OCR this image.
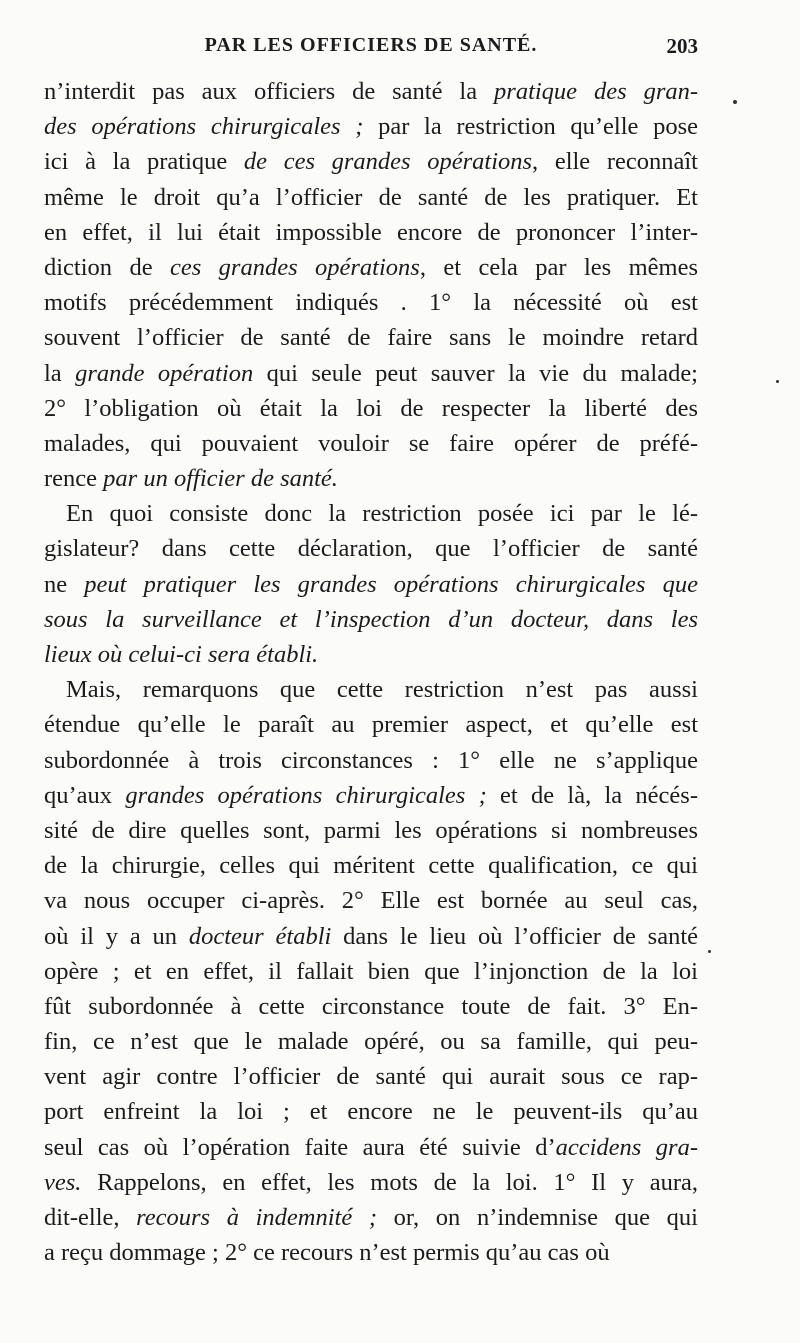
PAR LES OFFICIERS DE SANTÉ.	203
n’interdit pas aux officiers de santé la pratique des gran-
des opérations chirurgicales ; par la restriction qu’elle pose
ici à la pratique de ces grandes opérations, elle reconnaît
même le droit qu’a l’officier de santé de les pratiquer. Et
en effet, il lui était impossible encore de prononcer l’inter-
diction de ces grandes opérations, et cela par les mêmes
motifs précédemment indiqués . 1° la nécessité où est
souvent l’officier de santé de faire sans le moindre retard
la grande opération qui seule peut sauver la vie du malade;
2° l’obligation où était la loi de respecter la liberté des
malades, qui pouvaient vouloir se faire opérer de préfé-
rence par un officier de santé.
En quoi consiste donc la restriction posée ici par le lé-
gislateur? dans cette déclaration, que l’officier de santé
ne peut pratiquer les grandes opérations chirurgicales que
sous la surveillance et l’inspection d’un docteur, dans les
lieux où celui-ci sera établi.
Mais, remarquons que cette restriction n’est pas aussi
étendue qu’elle le paraît au premier aspect, et qu’elle est
subordonnée à trois circonstances : 1° elle ne s’applique
qu’aux grandes opérations chirurgicales ; et de là, la nécés-
sité de dire quelles sont, parmi les opérations si nombreuses
de la chirurgie, celles qui méritent cette qualification, ce qui
va nous occuper ci-après. 2° Elle est bornée au seul cas,
où il y a un docteur établi dans le lieu où l’officier de santé
opère ; et en effet, il fallait bien que l’injonction de la loi
fût subordonnée à cette circonstance toute de fait. 3° En-
fin, ce n’est que le malade opéré, ou sa famille, qui peu-
vent agir contre l’officier de santé qui aurait sous ce rap-
port enfreint la loi ; et encore ne le peuvent-ils qu’au
seul cas où l’opération faite aura été suivie d’accidens gra-
ves. Rappelons, en effet, les mots de la loi. 1° Il y aura,
dit-elle, recours à indemnité ; or, on n’indemnise que qui
a reçu dommage ; 2° ce recours n’est permis qu’au cas où
